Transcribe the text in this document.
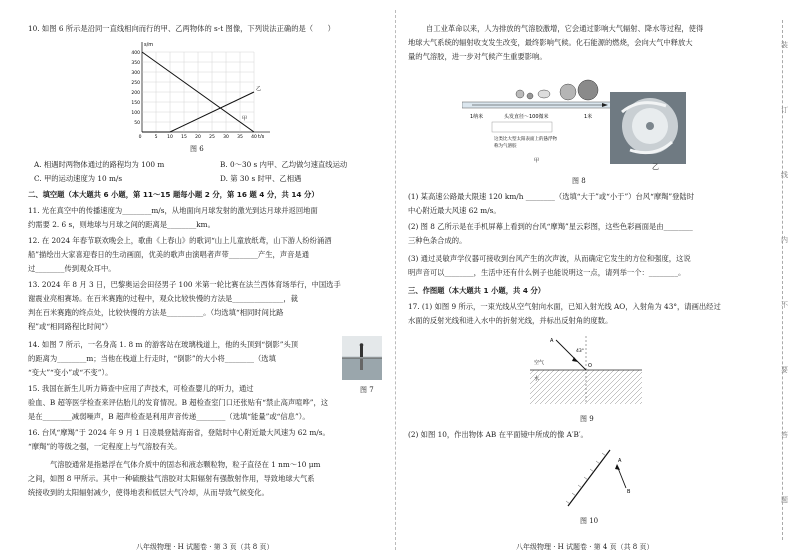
10. 如图 6 所示是沿同一直线相向而行的甲、乙两物体的 s-t 图像，下列说法正确的是（　　）
s/m
t/s
乙
甲
400
350
300
250
200
150
100
50
0	5 10 15 20 25 30 35 40
图 6
A. 相遇时两物体通过的路程均为 100 m	B. 0～30 s 内甲、乙均做匀速直线运动
C. 甲的运动速度为 10 m/s	D. 第 30 s 时甲、乙相遇
二、填空题（本大题共 6 小题，第 11～15 题每小题 2 分，第 16 题 4 分，共 14 分）
11. 光在真空中的传播速度为________m/s，从地面向月球发射的激光到达月球并返回地面
约需要 2. 6 s，则地球与月球之间的距离是________km。
12. 在 2024 年春节联欢晚会上，歌曲《上春山》的歌词“山上儿童放纸鸢，山下游人纷纷涌酒
船”描绘出大家喜迎春日的生动画面，优美的歌声由演唱者声带________产生，声音是通
过________传到观众耳中。
13. 2024 年 8 月 3 日，巴黎奥运会田径男子 100 米第一轮比赛在法兰西体育场举行，中国选手
谢震业亮相赛场。在百米赛跑的过程中，观众比较快慢的方法是______________，裁
判在百米赛跑的终点处，比较快慢的方法是__________。（均选填“相同时间比路
程”或“相同路程比时间”）
14. 如图 7 所示，一名身高 1. 8 m 的游客站在玻璃栈道上，他的头顶到“倒影”头顶
的距离为________m；当他在栈道上行走时，“倒影”的大小将________（选填
“变大”“变小”或“不变”）。
图 7
15. 我国在新生儿听力筛查中应用了声技术，可检查婴儿的听力，通过
验血、B 超等医学检查来评估胎儿的发育情况。B 超检查室门口还张贴有“禁止高声喧哗”，这
是在________减弱噪声，B 超声检查是利用声音传递________（选填“能量”或“信息”）。
16. 台风“摩羯”于 2024 年 9 月 1 日凌晨登陆海南省，登陆时中心附近最大风速为 62 m/s。
“摩羯”的等级之强，一定程度上与气溶胶有关。
气溶胶通常是指悬浮在气体介质中的固态和液态颗粒物，粒子直径在 1 nm～10 μm
之间，如图 8 甲所示。其中一种硫酸盐气溶胶对太阳辐射有强散射作用，导致地球大气系
统接收到的太阳辐射减少，使得地表和低层大气冷却，从而导致气候变化。
八年级物理 · H 试题卷 · 第 3 页（共 8 页）
自工业革命以来，人为排放的气溶胶激增，它会通过影响大气辐射、降水等过程，使得
地球大气系统的辐射收支发生改变，最终影响气候。化石能源的燃烧，会向大气中释放大
量的气溶胶，进一步对气候产生重要影响。
1纳米	头发直径～100微米	1米
这类比大型太阳表面上的悬浮物
称为气溶胶
甲
乙
图 8
(1) 某高速公路最大限速 120 km/h ________（选填“大于”或“小于”）台风“摩羯”登陆时
中心附近最大风速 62 m/s。
(2) 图 8 乙所示是在手机屏幕上看到的台风“摩羯”星云彩图，这些色彩画面是由________
三种色条合成的。
(3) 通过灵敏声学仪器可接收到台风产生的次声波，从而确定它发生的方位和强度，这说
明声音可以________，生活中还有什么例子也能说明这一点，请列举一个：________。
三、作图题（本大题共 1 小题，共 4 分）
17. (1) 如图 9 所示，一束光线从空气射向水面，已知入射光线 AO，入射角为 43°，请画出经过
水面的反射光线和进入水中的折射光线，并标出反射角的度数。
空气
水
43°
A
O
图 9
(2) 如图 10，作出物体 AB 在平面镜中所成的像 A′B′。
A
B
图 10
八年级物理 · H 试题卷 · 第 4 页（共 8 页）
装
订
线
内
不
要
答
题
